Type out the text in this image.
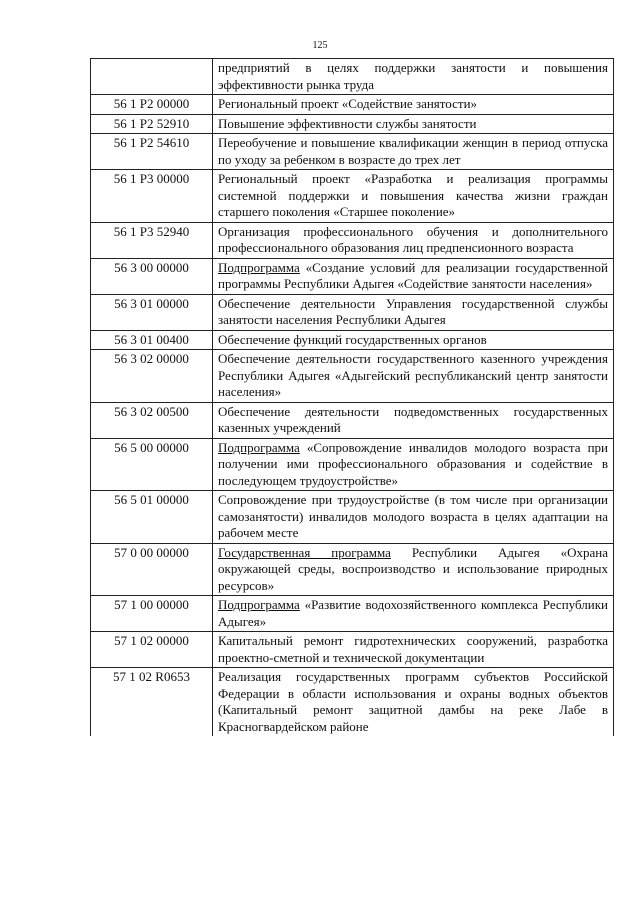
125
	предприятий в целях поддержки занятости и повышения эффективности рынка труда
56 1 Р2 00000	Региональный проект «Содействие занятости»
56 1 Р2 52910	Повышение эффективности службы занятости
56 1 Р2 54610	Переобучение и повышение квалификации женщин в период отпуска по уходу за ребенком в возрасте до трех лет
56 1 Р3 00000	Региональный проект «Разработка и реализация программы системной поддержки и повышения качества жизни граждан старшего поколения «Старшее поколение»
56 1 Р3 52940	Организация профессионального обучения и дополнительного профессионального образования лиц предпенсионного возраста
56 3 00 00000	Подпрограмма «Создание условий для реализации государственной программы Республики Адыгея «Содействие занятости населения»
56 3 01 00000	Обеспечение деятельности Управления государственной службы занятости населения Республики Адыгея
56 3 01 00400	Обеспечение функций государственных органов
56 3 02 00000	Обеспечение деятельности государственного казенного учреждения Республики Адыгея «Адыгейский республиканский центр занятости населения»
56 3 02 00500	Обеспечение деятельности подведомственных государственных казенных учреждений
56 5 00 00000	Подпрограмма «Сопровождение инвалидов молодого возраста при получении ими профессионального образования и содействие в последующем трудоустройстве»
56 5 01 00000	Сопровождение при трудоустройстве (в том числе при организации самозанятости) инвалидов молодого возраста в целях адаптации на рабочем месте
57 0 00 00000	Государственная программа Республики Адыгея «Охрана окружающей среды, воспроизводство и использование природных ресурсов»
57 1 00 00000	Подпрограмма «Развитие водохозяйственного комплекса Республики Адыгея»
57 1 02 00000	Капитальный ремонт гидротехнических сооружений, разработка проектно-сметной и технической документации
57 1 02 R0653	Реализация государственных программ субъектов Российской Федерации в области использования и охраны водных объектов (Капитальный ремонт защитной дамбы на реке Лабе в Красногвардейском районе
